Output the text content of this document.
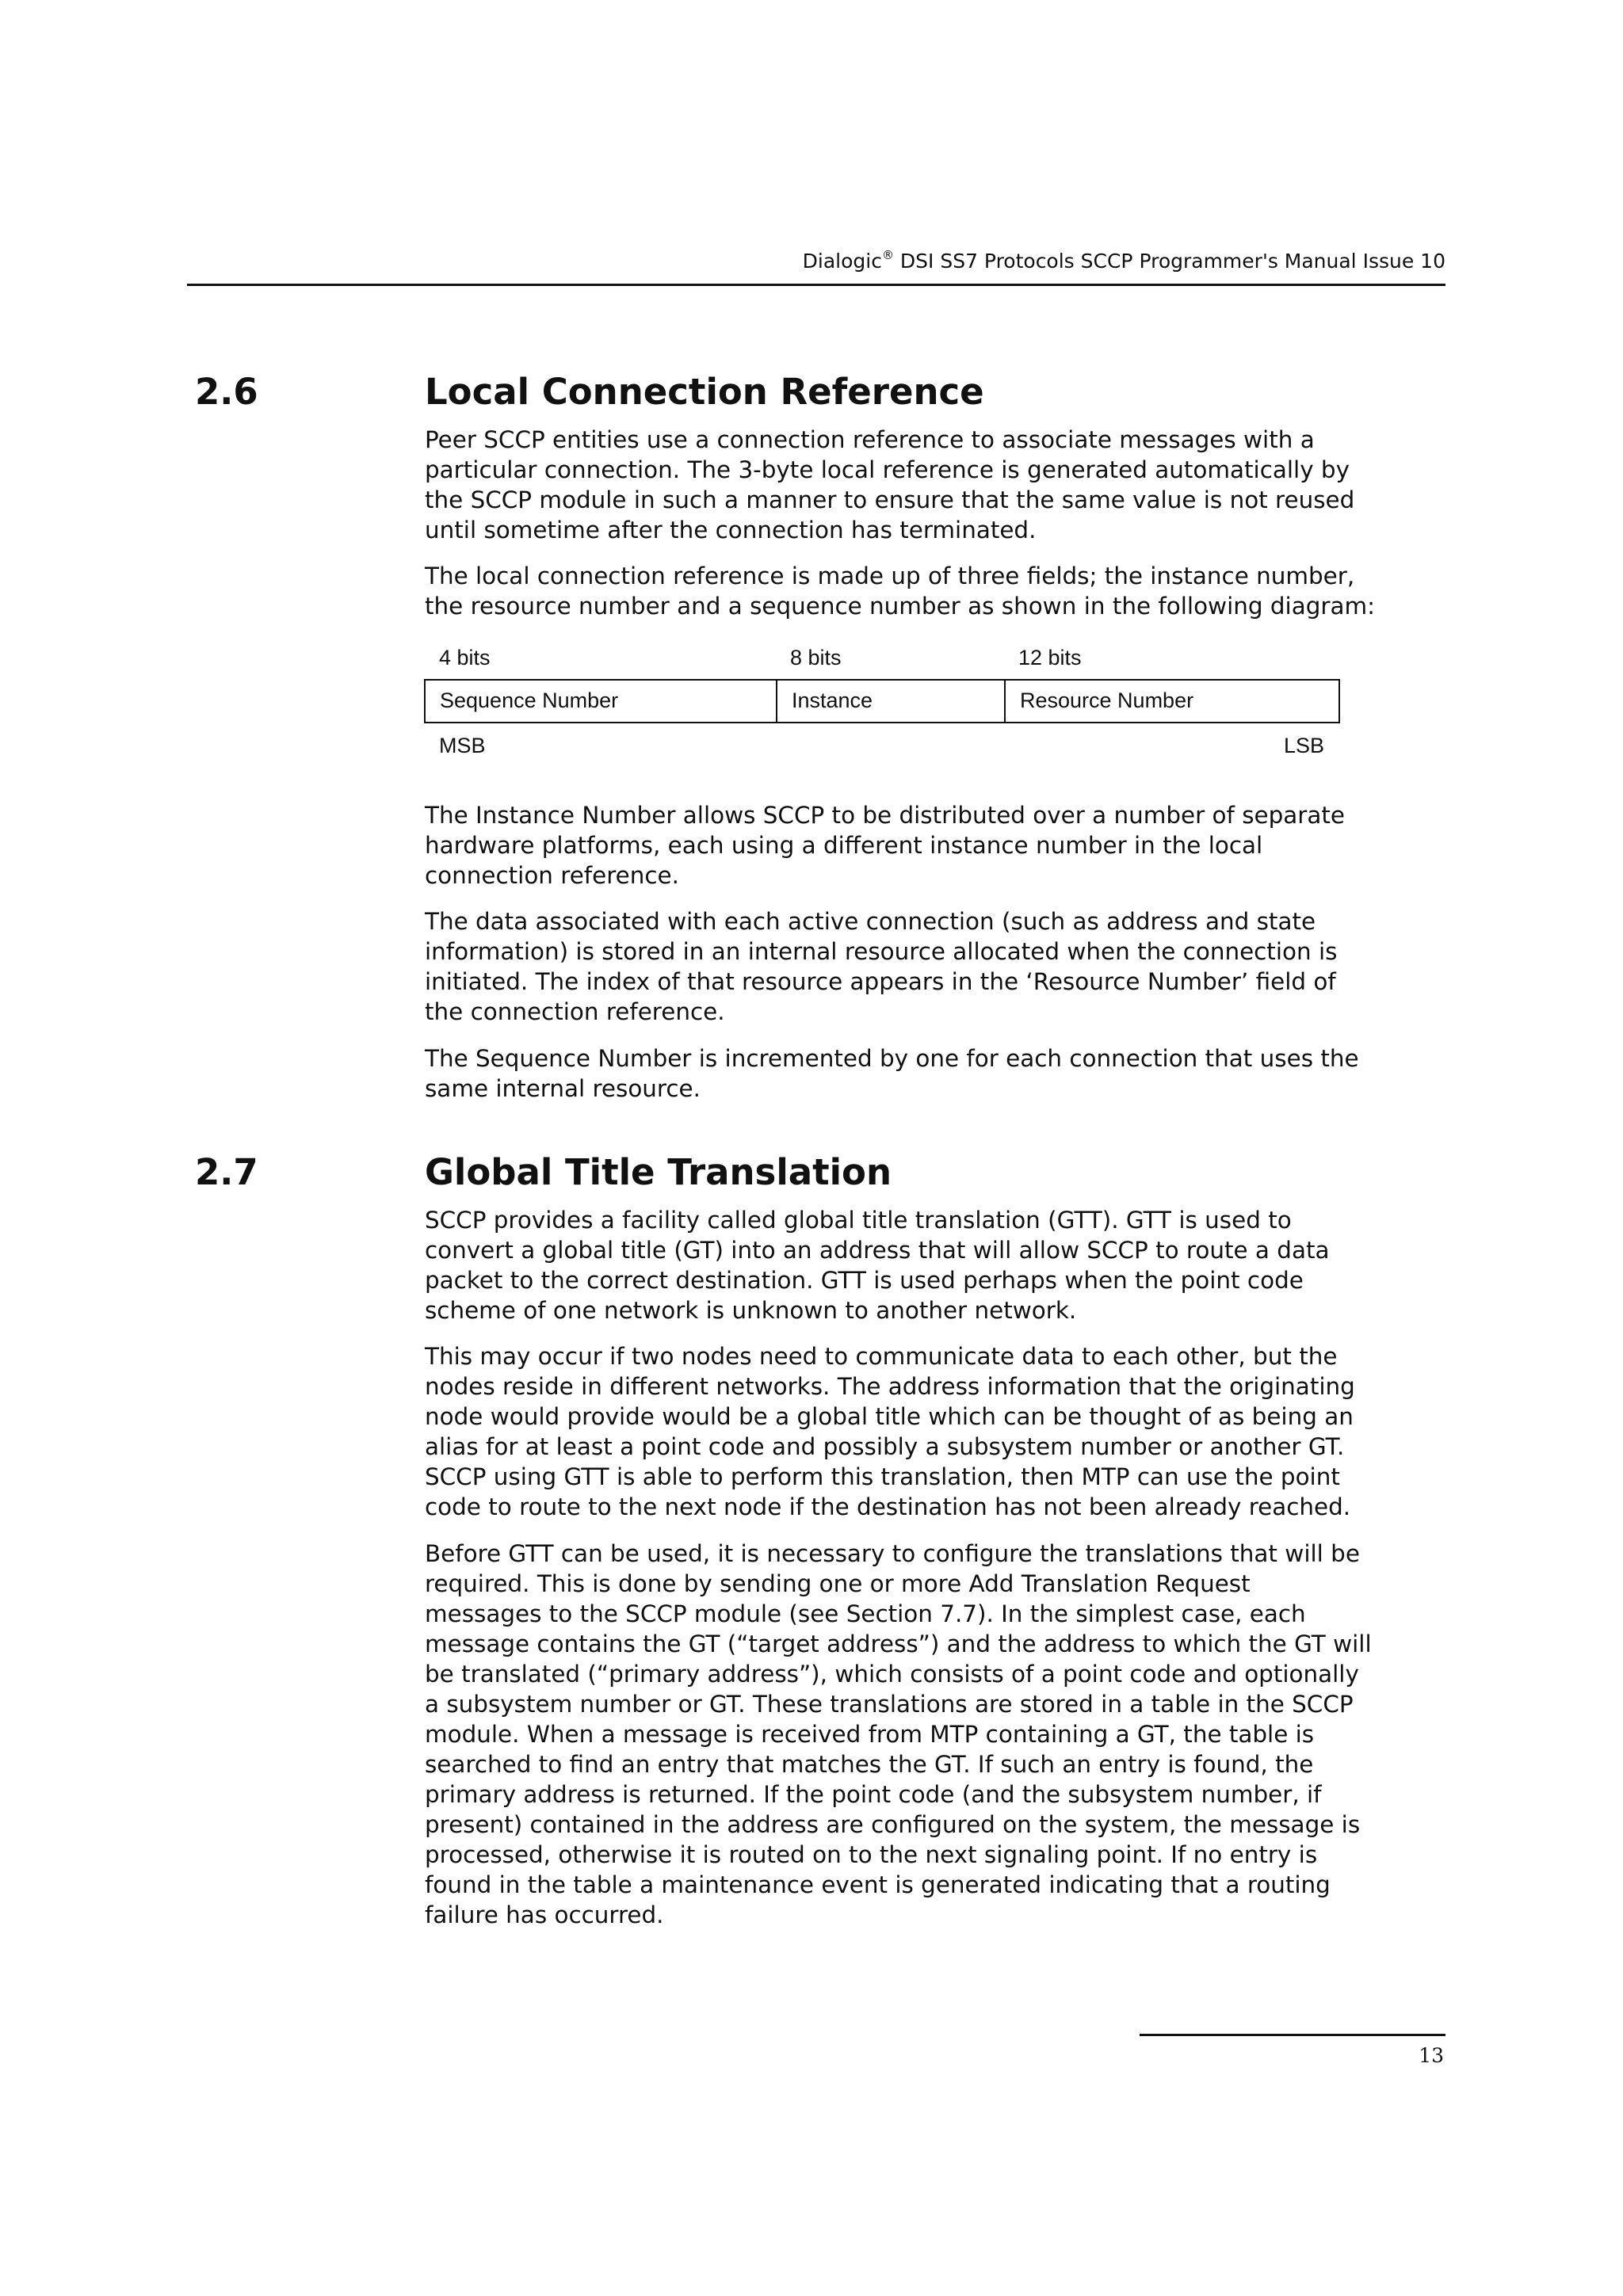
Dialogic® DSI SS7 Protocols SCCP Programmer's Manual Issue 10
2.6	Local Connection Reference

Peer SCCP entities use a connection reference to associate messages with a
particular connection. The 3-byte local reference is generated automatically by
the SCCP module in such a manner to ensure that the same value is not reused
until sometime after the connection has terminated.

The local connection reference is made up of three fields; the instance number,
the resource number and a sequence number as shown in the following diagram:

4 bits	8 bits	12 bits
Sequence Number	Instance	Resource Number
MSB	LSB

The Instance Number allows SCCP to be distributed over a number of separate
hardware platforms, each using a different instance number in the local
connection reference.

The data associated with each active connection (such as address and state
information) is stored in an internal resource allocated when the connection is
initiated. The index of that resource appears in the ‘Resource Number’ field of
the connection reference.

The Sequence Number is incremented by one for each connection that uses the
same internal resource.

2.7	Global Title Translation

SCCP provides a facility called global title translation (GTT). GTT is used to
convert a global title (GT) into an address that will allow SCCP to route a data
packet to the correct destination. GTT is used perhaps when the point code
scheme of one network is unknown to another network.

This may occur if two nodes need to communicate data to each other, but the
nodes reside in different networks. The address information that the originating
node would provide would be a global title which can be thought of as being an
alias for at least a point code and possibly a subsystem number or another GT.
SCCP using GTT is able to perform this translation, then MTP can use the point
code to route to the next node if the destination has not been already reached.

Before GTT can be used, it is necessary to configure the translations that will be
required. This is done by sending one or more Add Translation Request
messages to the SCCP module (see Section 7.7). In the simplest case, each
message contains the GT (“target address”) and the address to which the GT will
be translated (“primary address”), which consists of a point code and optionally
a subsystem number or GT. These translations are stored in a table in the SCCP
module. When a message is received from MTP containing a GT, the table is
searched to find an entry that matches the GT. If such an entry is found, the
primary address is returned. If the point code (and the subsystem number, if
present) contained in the address are configured on the system, the message is
processed, otherwise it is routed on to the next signaling point. If no entry is
found in the table a maintenance event is generated indicating that a routing
failure has occurred.

13
